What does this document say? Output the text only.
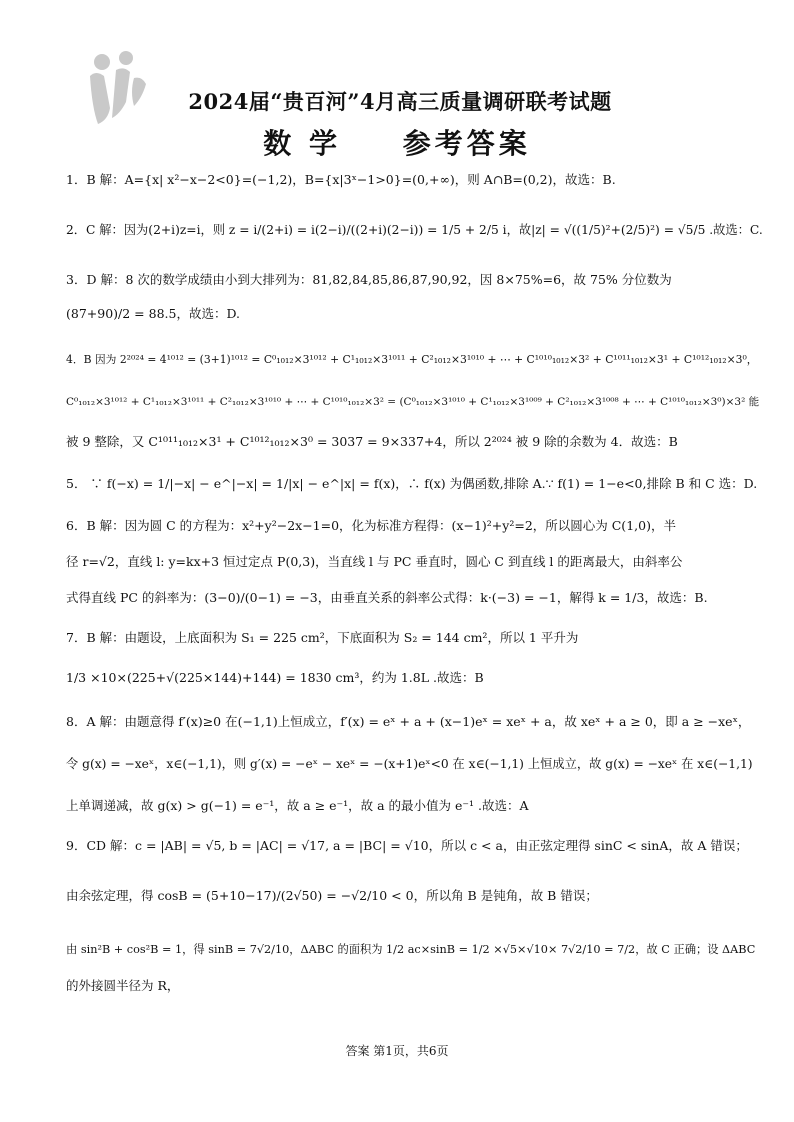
2024届“贵百河”4月高三质量调研联考试题
数 学 参考答案
1．B 解：A={x| x²−x−2<0}=(−1,2)，B={x|3ˣ−1>0}=(0,+∞)，则 A∩B=(0,2)，故选：B.
2．C 解：因为(2+i)z=i，则 z = i/(2+i) = i(2−i)/((2+i)(2−i)) = 1/5 + 2/5 i，故|z| = √((1/5)²+(2/5)²) = √5/5 .故选：C.
3．D 解：8 次的数学成绩由小到大排列为：81,82,84,85,86,87,90,92，因 8×75%=6，故 75% 分位数为
(87+90)/2 = 88.5，故选：D.
4．B 因为 2²⁰²⁴ = 4¹⁰¹² = (3+1)¹⁰¹² = C⁰₁₀₁₂×3¹⁰¹² + C¹₁₀₁₂×3¹⁰¹¹ + C²₁₀₁₂×3¹⁰¹⁰ + ⋯ + C¹⁰¹⁰₁₀₁₂×3² + C¹⁰¹¹₁₀₁₂×3¹ + C¹⁰¹²₁₀₁₂×3⁰，
C⁰₁₀₁₂×3¹⁰¹² + C¹₁₀₁₂×3¹⁰¹¹ + C²₁₀₁₂×3¹⁰¹⁰ + ⋯ + C¹⁰¹⁰₁₀₁₂×3² = (C⁰₁₀₁₂×3¹⁰¹⁰ + C¹₁₀₁₂×3¹⁰⁰⁹ + C²₁₀₁₂×3¹⁰⁰⁸ + ⋯ + C¹⁰¹⁰₁₀₁₂×3⁰)×3² 能
被 9 整除，又 C¹⁰¹¹₁₀₁₂×3¹ + C¹⁰¹²₁₀₁₂×3⁰ = 3037 = 9×337+4，所以 2²⁰²⁴ 被 9 除的余数为 4．故选：B
5． ∵ f(−x) = 1/|−x| − e^|−x| = 1/|x| − e^|x| = f(x)，∴ f(x) 为偶函数,排除 A.∵ f(1) = 1−e<0,排除 B 和 C 选：D.
6．B 解：因为圆 C 的方程为：x²+y²−2x−1=0，化为标准方程得：(x−1)²+y²=2，所以圆心为 C(1,0)，半
径 r=√2，直线 l: y=kx+3 恒过定点 P(0,3)，当直线 l 与 PC 垂直时，圆心 C 到直线 l 的距离最大，由斜率公
式得直线 PC 的斜率为：(3−0)/(0−1) = −3，由垂直关系的斜率公式得：k·(−3) = −1，解得 k = 1/3，故选：B.
7．B 解：由题设，上底面积为 S₁ = 225 cm²，下底面积为 S₂ = 144 cm²，所以 1 平升为
1/3 ×10×(225+√(225×144)+144) = 1830 cm³，约为 1.8L .故选：B
8．A 解：由题意得 f′(x)≥0 在(−1,1)上恒成立，f′(x) = eˣ + a + (x−1)eˣ = xeˣ + a，故 xeˣ + a ≥ 0，即 a ≥ −xeˣ，
令 g(x) = −xeˣ，x∈(−1,1)，则 g′(x) = −eˣ − xeˣ = −(x+1)eˣ<0 在 x∈(−1,1) 上恒成立，故 g(x) = −xeˣ 在 x∈(−1,1)
上单调递减，故 g(x) > g(−1) = e⁻¹，故 a ≥ e⁻¹，故 a 的最小值为 e⁻¹ .故选：A
9．CD 解：c = |AB| = √5, b = |AC| = √17, a = |BC| = √10，所以 c < a，由正弦定理得 sinC < sinA，故 A 错误；
由余弦定理，得 cosB = (5+10−17)/(2√50) = −√2/10 < 0，所以角 B 是钝角，故 B 错误；
由 sin²B + cos²B = 1，得 sinB = 7√2/10，ΔABC 的面积为 1/2 ac×sinB = 1/2 ×√5×√10× 7√2/10 = 7/2，故 C 正确；设 ΔABC
的外接圆半径为 R，
答案 第1页，共6页
